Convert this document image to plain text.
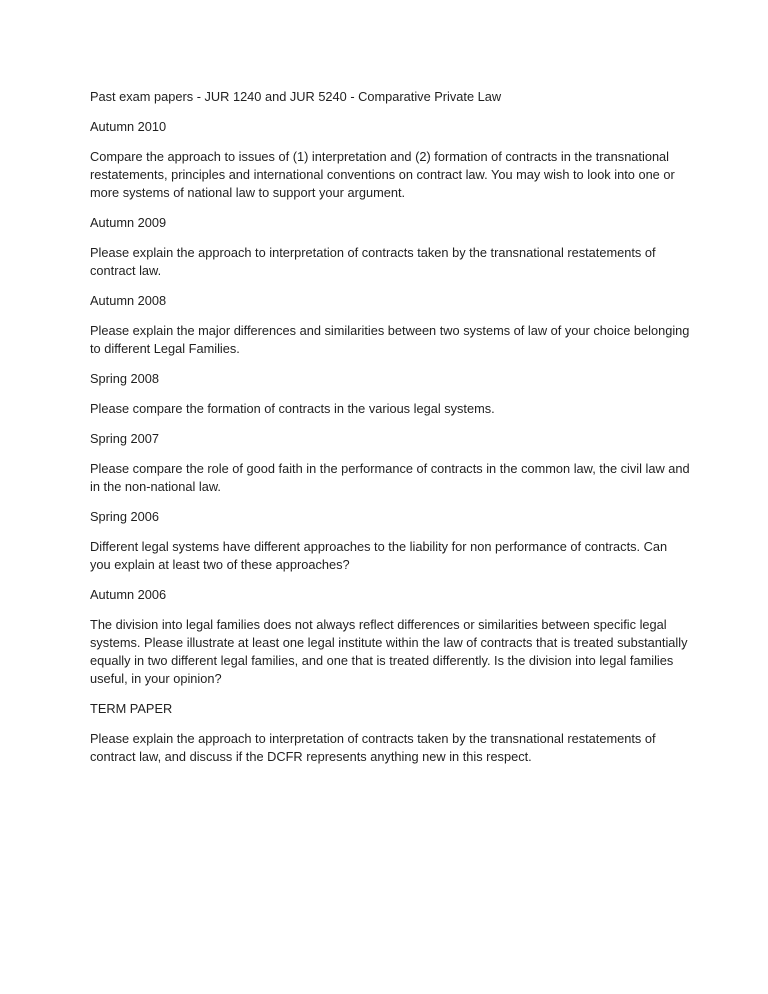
Past exam papers - JUR 1240 and JUR 5240 - Comparative Private Law

Autumn 2010

Compare the approach to issues of (1) interpretation and (2) formation of contracts in the transnational restatements, principles and international conventions on contract law. You may wish to look into one or more systems of national law to support your argument.

Autumn 2009

Please explain the approach to interpretation of contracts taken by the transnational restatements of contract law.

Autumn 2008

Please explain the major differences and similarities between two systems of law of your choice belonging to different Legal Families.

Spring 2008

Please compare the formation of contracts in the various legal systems.

Spring 2007

Please compare the role of good faith in the performance of contracts in the common law, the civil law and in the non-national law.

Spring 2006

Different legal systems have different approaches to the liability for non performance of contracts. Can you explain at least two of these approaches?

Autumn 2006

The division into legal families does not always reflect differences or similarities between specific legal systems. Please illustrate at least one legal institute within the law of contracts that is treated substantially equally in two different legal families, and one that is treated differently. Is the division into legal families useful, in your opinion?

TERM PAPER

Please explain the approach to interpretation of contracts taken by the transnational restatements of contract law, and discuss if the DCFR represents anything new in this respect.
